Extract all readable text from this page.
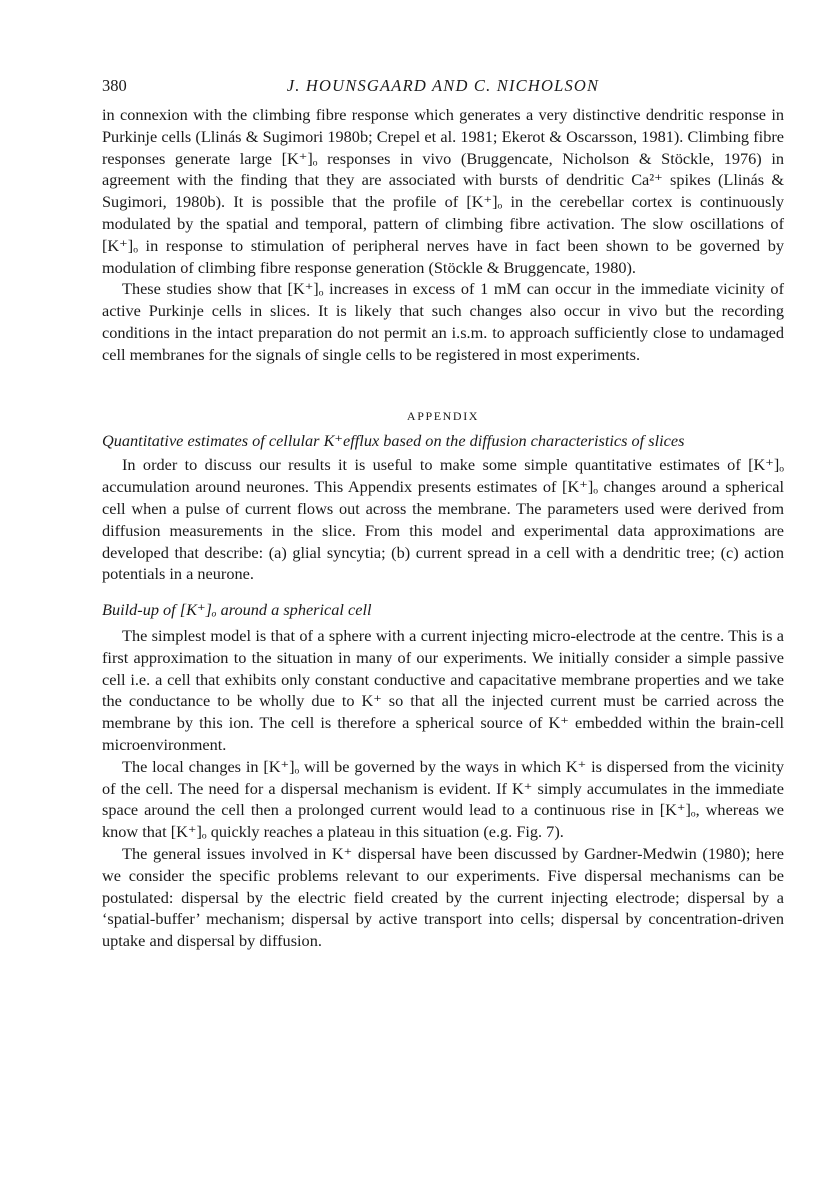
380	J. HOUNSGAARD AND C. NICHOLSON

in connexion with the climbing fibre response which generates a very distinctive dendritic response in Purkinje cells (Llinás & Sugimori 1980b; Crepel et al. 1981; Ekerot & Oscarsson, 1981). Climbing fibre responses generate large [K⁺]ₒ responses in vivo (Bruggencate, Nicholson & Stöckle, 1976) in agreement with the finding that they are associated with bursts of dendritic Ca²⁺ spikes (Llinás & Sugimori, 1980b). It is possible that the profile of [K⁺]ₒ in the cerebellar cortex is continuously modulated by the spatial and temporal, pattern of climbing fibre activation. The slow oscillations of [K⁺]ₒ in response to stimulation of peripheral nerves have in fact been shown to be governed by modulation of climbing fibre response generation (Stöckle & Bruggencate, 1980).

These studies show that [K⁺]ₒ increases in excess of 1 mM can occur in the immediate vicinity of active Purkinje cells in slices. It is likely that such changes also occur in vivo but the recording conditions in the intact preparation do not permit an i.s.m. to approach sufficiently close to undamaged cell membranes for the signals of single cells to be registered in most experiments.

APPENDIX
Quantitative estimates of cellular K⁺efflux based on the diffusion characteristics of slices

In order to discuss our results it is useful to make some simple quantitative estimates of [K⁺]ₒ accumulation around neurones. This Appendix presents estimates of [K⁺]ₒ changes around a spherical cell when a pulse of current flows out across the membrane. The parameters used were derived from diffusion measurements in the slice. From this model and experimental data approximations are developed that describe: (a) glial syncytia; (b) current spread in a cell with a dendritic tree; (c) action potentials in a neurone.

Build-up of [K⁺]ₒ around a spherical cell

The simplest model is that of a sphere with a current injecting micro-electrode at the centre. This is a first approximation to the situation in many of our experiments. We initially consider a simple passive cell i.e. a cell that exhibits only constant conductive and capacitative membrane properties and we take the conductance to be wholly due to K⁺ so that all the injected current must be carried across the membrane by this ion. The cell is therefore a spherical source of K⁺ embedded within the brain-cell microenvironment.

The local changes in [K⁺]ₒ will be governed by the ways in which K⁺ is dispersed from the vicinity of the cell. The need for a dispersal mechanism is evident. If K⁺ simply accumulates in the immediate space around the cell then a prolonged current would lead to a continuous rise in [K⁺]ₒ, whereas we know that [K⁺]ₒ quickly reaches a plateau in this situation (e.g. Fig. 7).

The general issues involved in K⁺ dispersal have been discussed by Gardner-Medwin (1980); here we consider the specific problems relevant to our experiments. Five dispersal mechanisms can be postulated: dispersal by the electric field created by the current injecting electrode; dispersal by a ‘spatial-buffer’ mechanism; dispersal by active transport into cells; dispersal by concentration-driven uptake and dispersal by diffusion.
